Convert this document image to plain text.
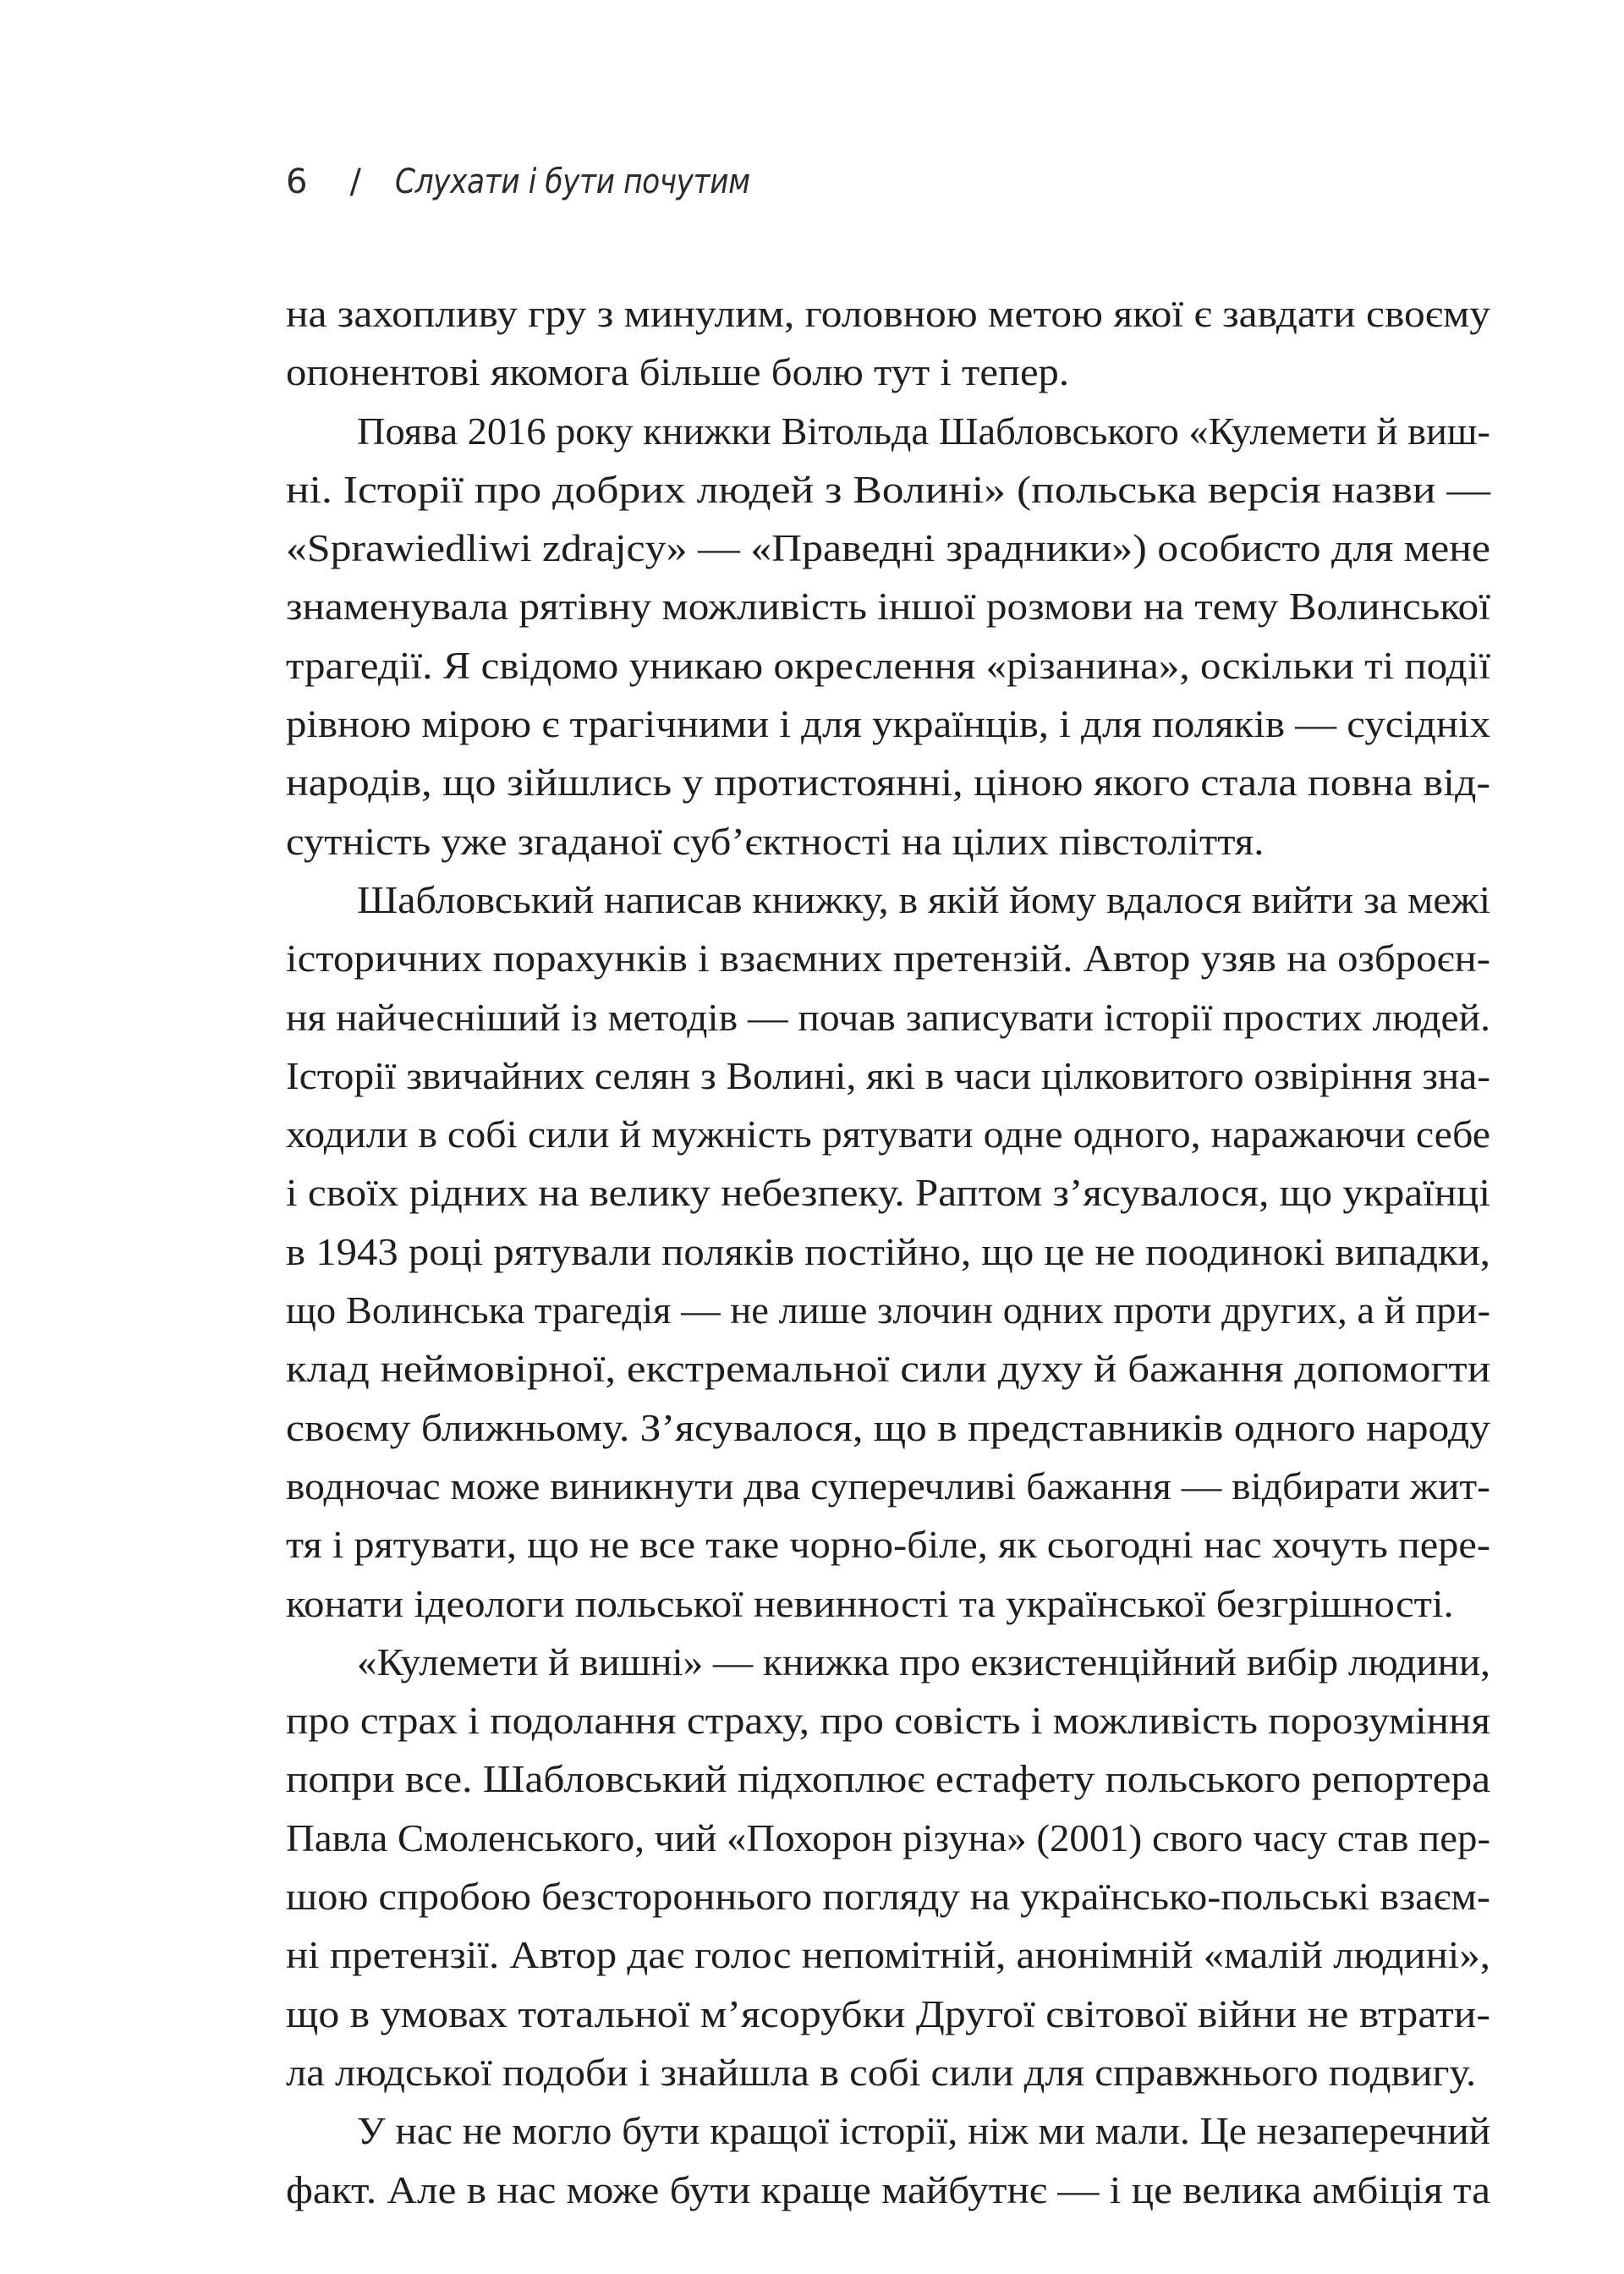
6 / Слухати і бути почутим
на захопливу гру з минулим, головною метою якої є завдати своєму
опонентові якомога більше болю тут і тепер.
Поява 2016 року книжки Вітольда Шабловського «Кулемети й виш-
ні. Історії про добрих людей з Волині» (польська версія назви —
«Sprawiedliwi zdrajcy» — «Праведні зрадники») особисто для мене
знаменувала рятівну можливість іншої розмови на тему Волинської
трагедії. Я свідомо уникаю окреслення «різанина», оскільки ті події
рівною мірою є трагічними і для українців, і для поляків — сусідніх
народів, що зійшлись у протистоянні, ціною якого стала повна від-
сутність уже згаданої суб’єктності на цілих півстоліття.
Шабловський написав книжку, в якій йому вдалося вийти за межі
історичних порахунків і взаємних претензій. Автор узяв на озброєн-
ня найчесніший із методів — почав записувати історії простих людей.
Історії звичайних селян з Волині, які в часи цілковитого озвіріння зна-
ходили в собі сили й мужність рятувати одне одного, наражаючи себе
і своїх рідних на велику небезпеку. Раптом з’ясувалося, що українці
в 1943 році рятували поляків постійно, що це не поодинокі випадки,
що Волинська трагедія — не лише злочин одних проти других, а й при-
клад неймовірної, екстремальної сили духу й бажання допомогти
своєму ближньому. З’ясувалося, що в представників одного народу
водночас може виникнути два суперечливі бажання — відбирати жит-
тя і рятувати, що не все таке чорно-біле, як сьогодні нас хочуть пере-
конати ідеологи польської невинності та української безгрішності.
«Кулемети й вишні» — книжка про екзистенційний вибір людини,
про страх і подолання страху, про совість і можливість порозуміння
попри все. Шабловський підхоплює естафету польського репортера
Павла Смоленського, чий «Похорон різуна» (2001) свого часу став пер-
шою спробою безстороннього погляду на українсько-польські взаєм-
ні претензії. Автор дає голос непомітній, анонімній «малій людині»,
що в умовах тотальної м’ясорубки Другої світової війни не втрати-
ла людської подоби і знайшла в собі сили для справжнього подвигу.
У нас не могло бути кращої історії, ніж ми мали. Це незаперечний
факт. Але в нас може бути краще майбутнє — і це велика амбіція та
